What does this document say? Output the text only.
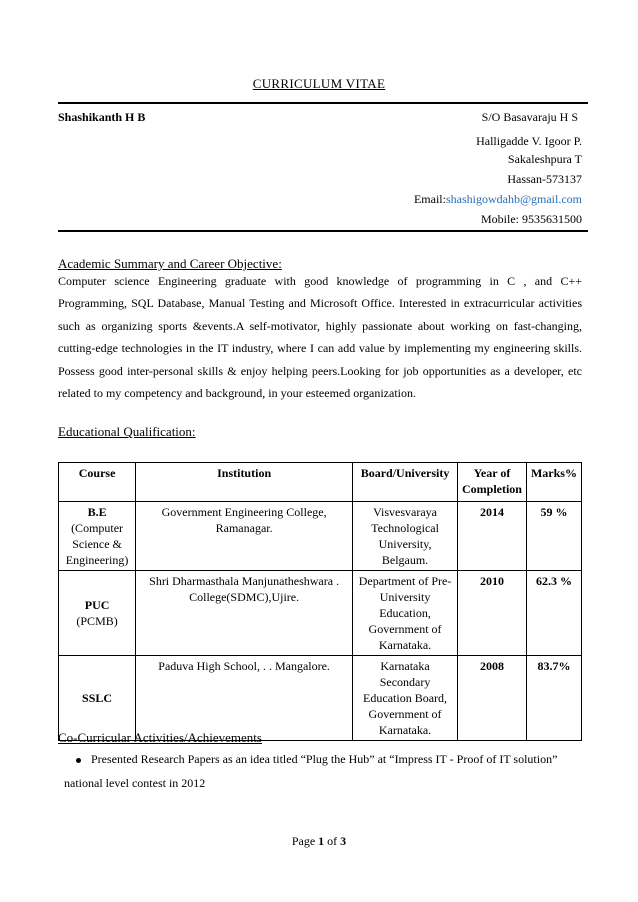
CURRICULUM VITAE
Shashikanth H B	S/O Basavaraju H S
Halligadde V. Igoor P.
Sakaleshpura T
Hassan-573137
Email:shashigowdahb@gmail.com
Mobile: 9535631500
Academic Summary and Career Objective:
Computer science Engineering graduate with good knowledge of programming in C , and C++ Programming, SQL Database, Manual Testing and Microsoft Office. Interested in extracurricular activities such as organizing sports &events.A self-motivator, highly passionate about working on fast-changing, cutting-edge technologies in the IT industry, where I can add value by implementing my engineering skills. Possess good inter-personal skills & enjoy helping peers.Looking for job opportunities as a developer, etc related to my competency and background, in your esteemed organization.
Educational Qualification:
Course	Institution	Board/University	Year of Completion	Marks%

B.E
(Computer Science & Engineering)	Government Engineering College, Ramanagar.	Visvesvaraya Technological University, Belgaum.	2014	59 %

PUC
(PCMB)	Shri Dharmasthala Manjunatheshwara . College(SDMC),Ujire.	Department of Pre-University Education, Government of Karnataka.	2010	62.3 %

SSLC	Paduva High School, . . Mangalore.	Karnataka Secondary Education Board, Government of Karnataka.	2008	83.7%
Co-Curricular Activities/Achievements
Presented Research Papers as an idea titled “Plug the Hub” at “Impress IT - Proof of IT solution”
national level contest in 2012
Page 1 of 3
